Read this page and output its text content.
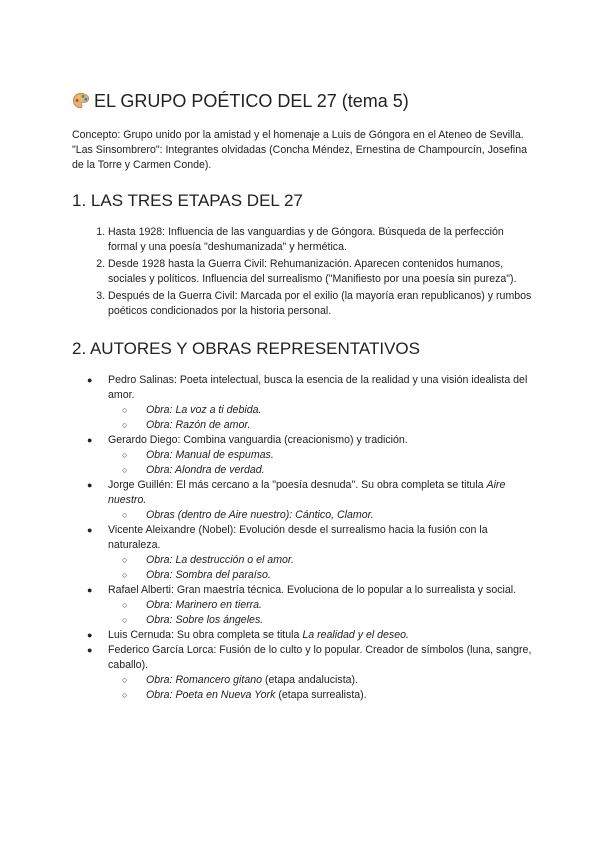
EL GRUPO POÉTICO DEL 27 (tema 5)

Concepto: Grupo unido por la amistad y el homenaje a Luis de Góngora en el Ateneo de Sevilla. "Las Sinsombrero": Integrantes olvidadas (Concha Méndez, Ernestina de Champourcín, Josefina de la Torre y Carmen Conde).

1. LAS TRES ETAPAS DEL 27
1. Hasta 1928: Influencia de las vanguardias y de Góngora. Búsqueda de la perfección formal y una poesía "deshumanizada" y hermética.
2. Desde 1928 hasta la Guerra Civil: Rehumanización. Aparecen contenidos humanos, sociales y políticos. Influencia del surrealismo ("Manifiesto por una poesía sin pureza").
3. Después de la Guerra Civil: Marcada por el exilio (la mayoría eran republicanos) y rumbos poéticos condicionados por la historia personal.
2. AUTORES Y OBRAS REPRESENTATIVOS
● Pedro Salinas: Poeta intelectual, busca la esencia de la realidad y una visión idealista del amor.
○ Obra: La voz a ti debida.
○ Obra: Razón de amor.
● Gerardo Diego: Combina vanguardia (creacionismo) y tradición.
○ Obra: Manual de espumas.
○ Obra: Alondra de verdad.
● Jorge Guillén: El más cercano a la "poesía desnuda". Su obra completa se titula Aire nuestro.
○ Obras (dentro de Aire nuestro): Cántico, Clamor.
● Vicente Aleixandre (Nobel): Evolución desde el surrealismo hacia la fusión con la naturaleza.
○ Obra: La destrucción o el amor.
○ Obra: Sombra del paraíso.
● Rafael Alberti: Gran maestría técnica. Evoluciona de lo popular a lo surrealista y social.
○ Obra: Marinero en tierra.
○ Obra: Sobre los ángeles.
● Luis Cernuda: Su obra completa se titula La realidad y el deseo.
● Federico García Lorca: Fusión de lo culto y lo popular. Creador de símbolos (luna, sangre, caballo).
○ Obra: Romancero gitano (etapa andalucista).
○ Obra: Poeta en Nueva York (etapa surrealista).
